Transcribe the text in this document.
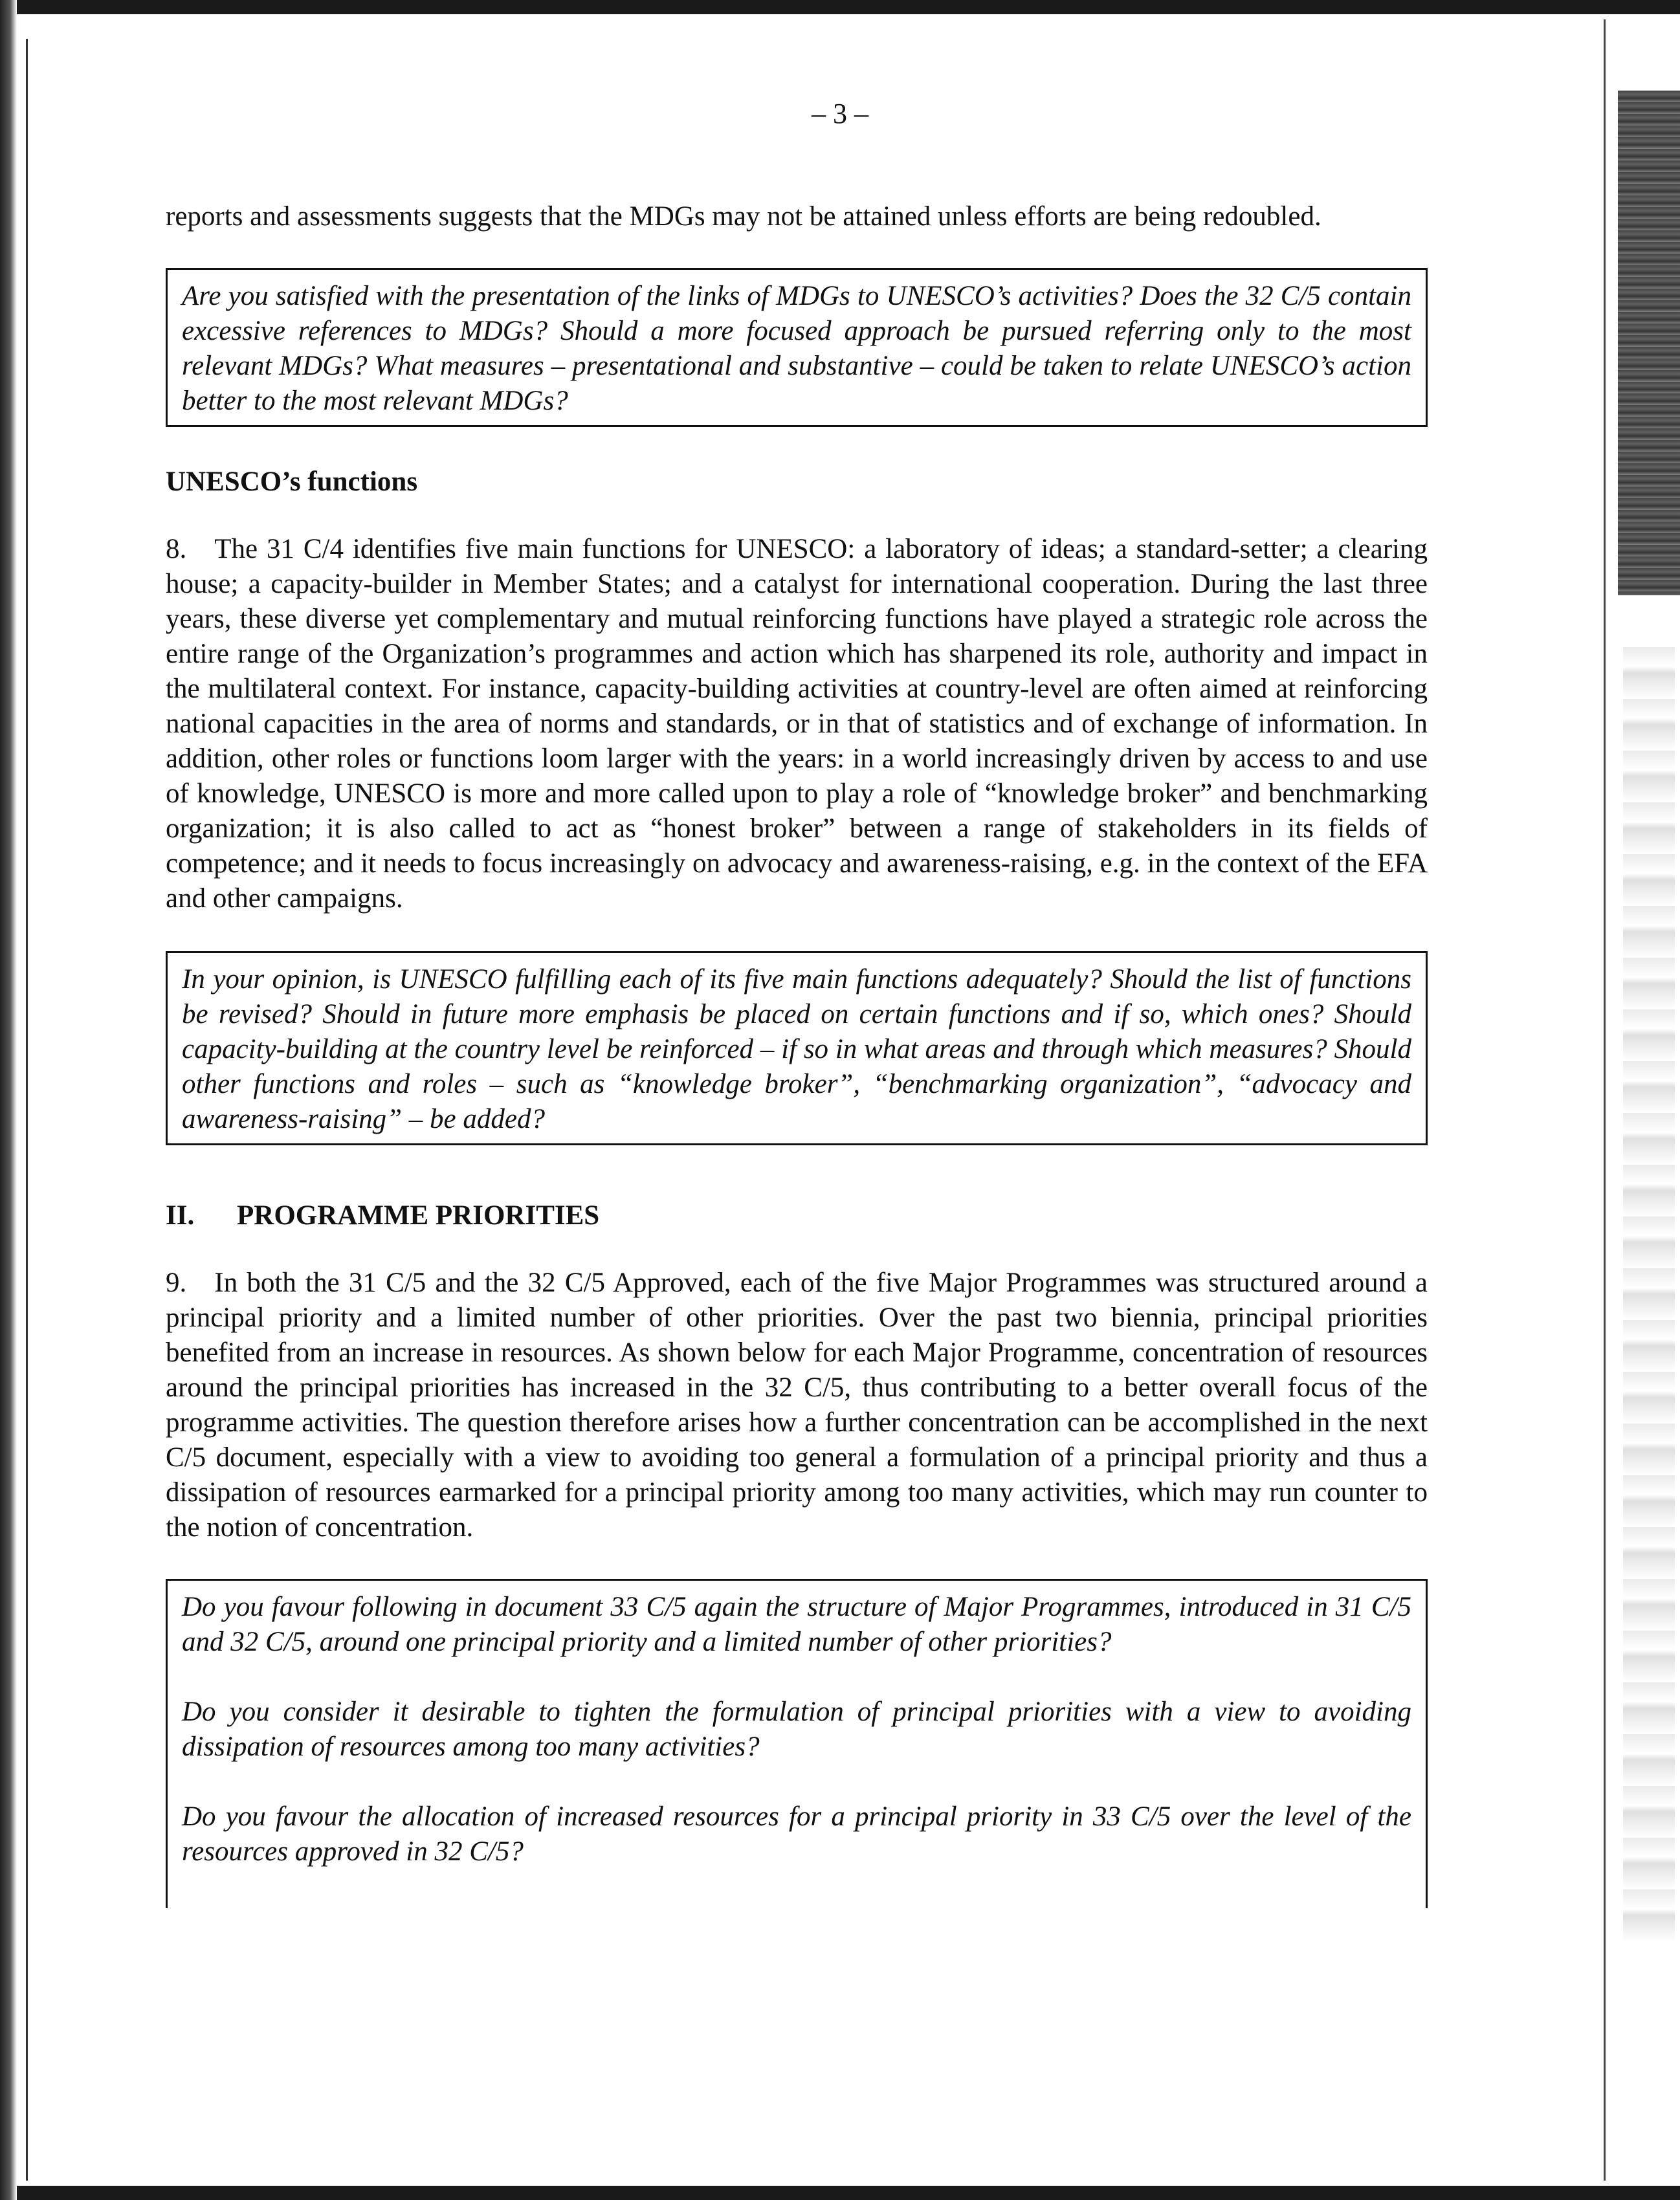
– 3 –

reports and assessments suggests that the MDGs may not be attained unless efforts are being redoubled.

Are you satisfied with the presentation of the links of MDGs to UNESCO’s activities? Does the 32 C/5 contain excessive references to MDGs? Should a more focused approach be pursued referring only to the most relevant MDGs? What measures – presentational and substantive – could be taken to relate UNESCO’s action better to the most relevant MDGs?

UNESCO’s functions

8. The 31 C/4 identifies five main functions for UNESCO: a laboratory of ideas; a standard-setter; a clearing house; a capacity-builder in Member States; and a catalyst for international cooperation. During the last three years, these diverse yet complementary and mutual reinforcing functions have played a strategic role across the entire range of the Organization’s programmes and action which has sharpened its role, authority and impact in the multilateral context. For instance, capacity-building activities at country-level are often aimed at reinforcing national capacities in the area of norms and standards, or in that of statistics and of exchange of information. In addition, other roles or functions loom larger with the years: in a world increasingly driven by access to and use of knowledge, UNESCO is more and more called upon to play a role of “knowledge broker” and benchmarking organization; it is also called to act as “honest broker” between a range of stakeholders in its fields of competence; and it needs to focus increasingly on advocacy and awareness-raising, e.g. in the context of the EFA and other campaigns.

In your opinion, is UNESCO fulfilling each of its five main functions adequately? Should the list of functions be revised? Should in future more emphasis be placed on certain functions and if so, which ones? Should capacity-building at the country level be reinforced – if so in what areas and through which measures? Should other functions and roles – such as “knowledge broker”, “benchmarking organization”, “advocacy and awareness-raising” – be added?

II. PROGRAMME PRIORITIES

9. In both the 31 C/5 and the 32 C/5 Approved, each of the five Major Programmes was structured around a principal priority and a limited number of other priorities. Over the past two biennia, principal priorities benefited from an increase in resources. As shown below for each Major Programme, concentration of resources around the principal priorities has increased in the 32 C/5, thus contributing to a better overall focus of the programme activities. The question therefore arises how a further concentration can be accomplished in the next C/5 document, especially with a view to avoiding too general a formulation of a principal priority and thus a dissipation of resources earmarked for a principal priority among too many activities, which may run counter to the notion of concentration.

Do you favour following in document 33 C/5 again the structure of Major Programmes, introduced in 31 C/5 and 32 C/5, around one principal priority and a limited number of other priorities?

Do you consider it desirable to tighten the formulation of principal priorities with a view to avoiding dissipation of resources among too many activities?

Do you favour the allocation of increased resources for a principal priority in 33 C/5 over the level of the resources approved in 32 C/5?
